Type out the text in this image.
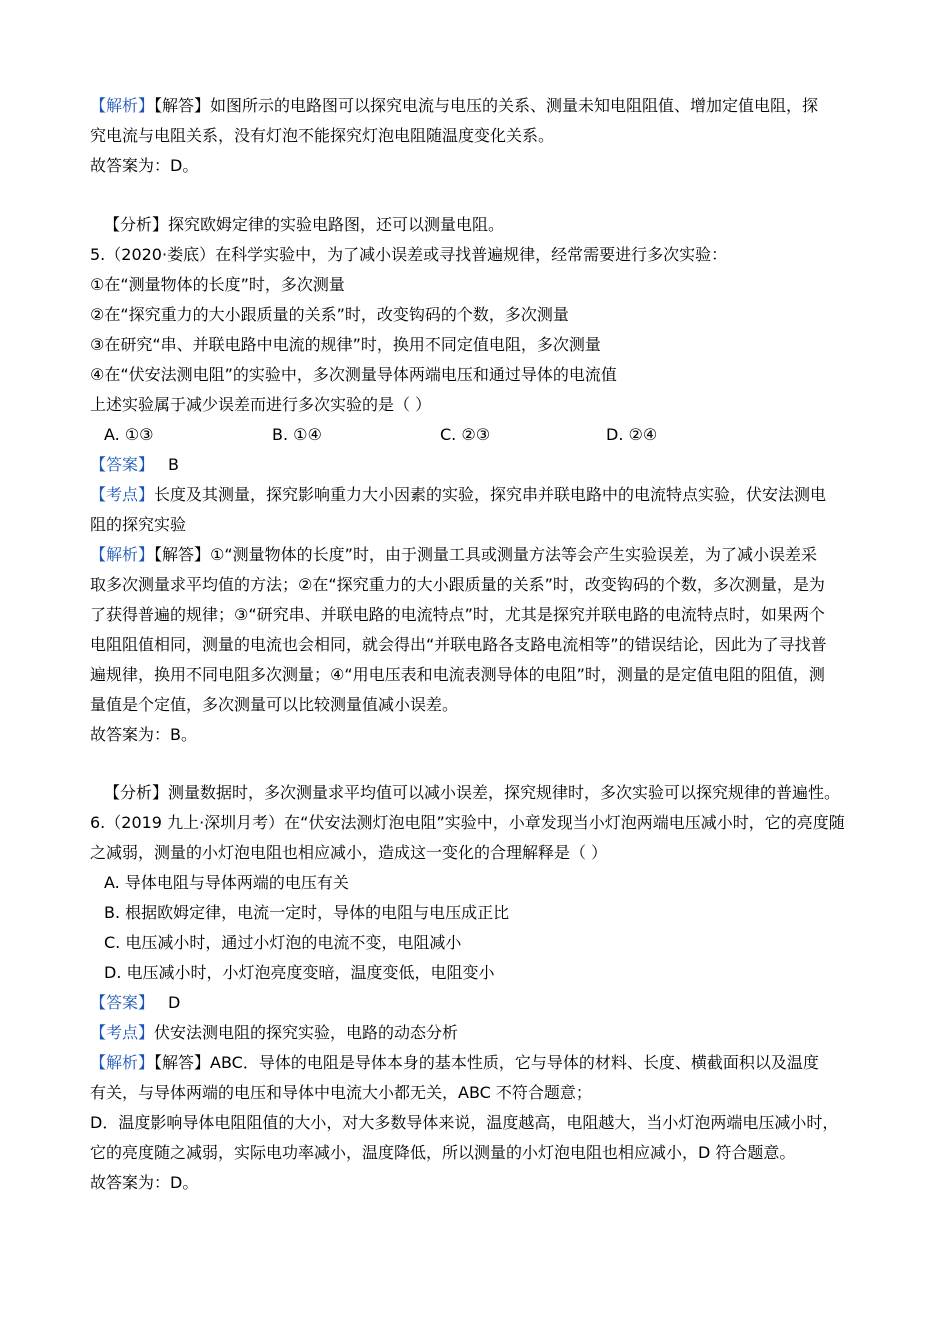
【解析】【解答】如图所示的电路图可以探究电流与电压的关系、测量未知电阻阻值、增加定值电阻，探
究电流与电阻关系，没有灯泡不能探究灯泡电阻随温度变化关系。
故答案为：D。
【分析】探究欧姆定律的实验电路图，还可以测量电阻。
5.（2020·娄底）在科学实验中，为了减小误差或寻找普遍规律，经常需要进行多次实验：
①在“测量物体的长度”时，多次测量
②在“探究重力的大小跟质量的关系”时，改变钩码的个数，多次测量
③在研究“串、并联电路中电流的规律”时，换用不同定值电阻，多次测量
④在“伏安法测电阻”的实验中，多次测量导体两端电压和通过导体的电流值
上述实验属于减少误差而进行多次实验的是（ ）
A. ①③	B. ①④	C. ②③	D. ②④
【答案】 B
【考点】长度及其测量，探究影响重力大小因素的实验，探究串并联电路中的电流特点实验，伏安法测电
阻的探究实验
【解析】【解答】①“测量物体的长度”时，由于测量工具或测量方法等会产生实验误差，为了减小误差采
取多次测量求平均值的方法；②在“探究重力的大小跟质量的关系”时，改变钩码的个数，多次测量，是为
了获得普遍的规律；③“研究串、并联电路的电流特点”时，尤其是探究并联电路的电流特点时，如果两个
电阻阻值相同，测量的电流也会相同，就会得出“并联电路各支路电流相等”的错误结论，因此为了寻找普
遍规律，换用不同电阻多次测量；④“用电压表和电流表测导体的电阻”时，测量的是定值电阻的阻值，测
量值是个定值，多次测量可以比较测量值减小误差。
故答案为：B。
【分析】测量数据时，多次测量求平均值可以减小误差，探究规律时，多次实验可以探究规律的普遍性。
6.（2019 九上·深圳月考）在“伏安法测灯泡电阻”实验中，小章发现当小灯泡两端电压减小时，它的亮度随
之减弱，测量的小灯泡电阻也相应减小，造成这一变化的合理解释是（ ）
A. 导体电阻与导体两端的电压有关
B. 根据欧姆定律，电流一定时，导体的电阻与电压成正比
C. 电压减小时，通过小灯泡的电流不变，电阻减小
D. 电压减小时，小灯泡亮度变暗，温度变低，电阻变小
【答案】 D
【考点】伏安法测电阻的探究实验，电路的动态分析
【解析】【解答】ABC．导体的电阻是导体本身的基本性质，它与导体的材料、长度、横截面积以及温度
有关，与导体两端的电压和导体中电流大小都无关，ABC 不符合题意；
D．温度影响导体电阻阻值的大小，对大多数导体来说，温度越高，电阻越大，当小灯泡两端电压减小时，
它的亮度随之减弱，实际电功率减小，温度降低，所以测量的小灯泡电阻也相应减小，D 符合题意。
故答案为：D。
